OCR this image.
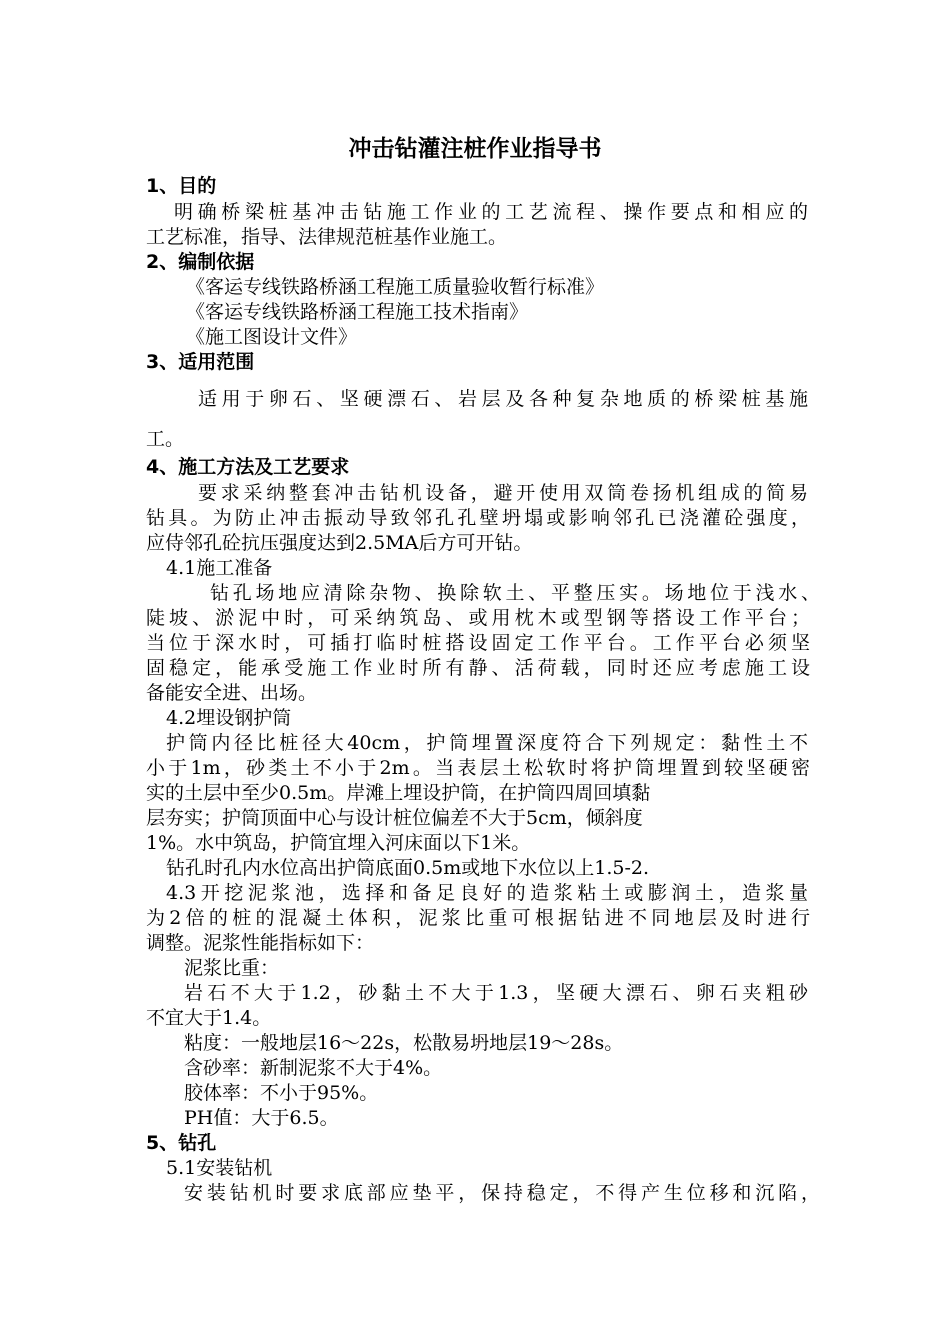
冲击钻灌注桩作业指导书
1、目的
明确桥梁桩基冲击钻施工作业的工艺流程、操作要点和相应的
工艺标准，指导、法律规范桩基作业施工。
2、编制依据
《客运专线铁路桥涵工程施工质量验收暂行标准》
《客运专线铁路桥涵工程施工技术指南》
《施工图设计文件》
3、适用范围
适用于卵石、坚硬漂石、岩层及各种复杂地质的桥梁桩基施
工。
4、施工方法及工艺要求
要求采纳整套冲击钻机设备，避开使用双筒卷扬机组成的简易
钻具。为防止冲击振动导致邻孔孔壁坍塌或影响邻孔已浇灌砼强度，
应侍邻孔砼抗压强度达到2.5MA后方可开钻。
4.1施工准备
钻孔场地应清除杂物、换除软土、平整压实。场地位于浅水、
陡坡、淤泥中时，可采纳筑岛、或用枕木或型钢等搭设工作平台；
当位于深水时，可插打临时桩搭设固定工作平台。工作平台必须坚
固稳定，能承受施工作业时所有静、活荷载，同时还应考虑施工设
备能安全进、出场。
4.2埋设钢护筒
护筒内径比桩径大40cm，护筒埋置深度符合下列规定：黏性土不
小于1m，砂类土不小于2m。当表层土松软时将护筒埋置到较坚硬密
实的土层中至少0.5m。岸滩上埋设护筒，在护筒四周回填黏
层夯实；护筒顶面中心与设计桩位偏差不大于5cm，倾斜度
1%。水中筑岛，护筒宜埋入河床面以下1米。
钻孔时孔内水位高出护筒底面0.5m或地下水位以上1.5-2.
4.3开挖泥浆池，选择和备足良好的造浆粘土或膨润土，造浆量
为2倍的桩的混凝土体积，泥浆比重可根据钻进不同地层及时进行
调整。泥浆性能指标如下：
泥浆比重：
岩石不大于1.2，砂黏土不大于1.3，坚硬大漂石、卵石夹粗砂
不宜大于1.4。
粘度：一般地层16～22s，松散易坍地层19～28s。
含砂率：新制泥浆不大于4%。
胶体率：不小于95%。
PH值：大于6.5。
5、钻孔
5.1安装钻机
安装钻机时要求底部应垫平，保持稳定，不得产生位移和沉陷，
